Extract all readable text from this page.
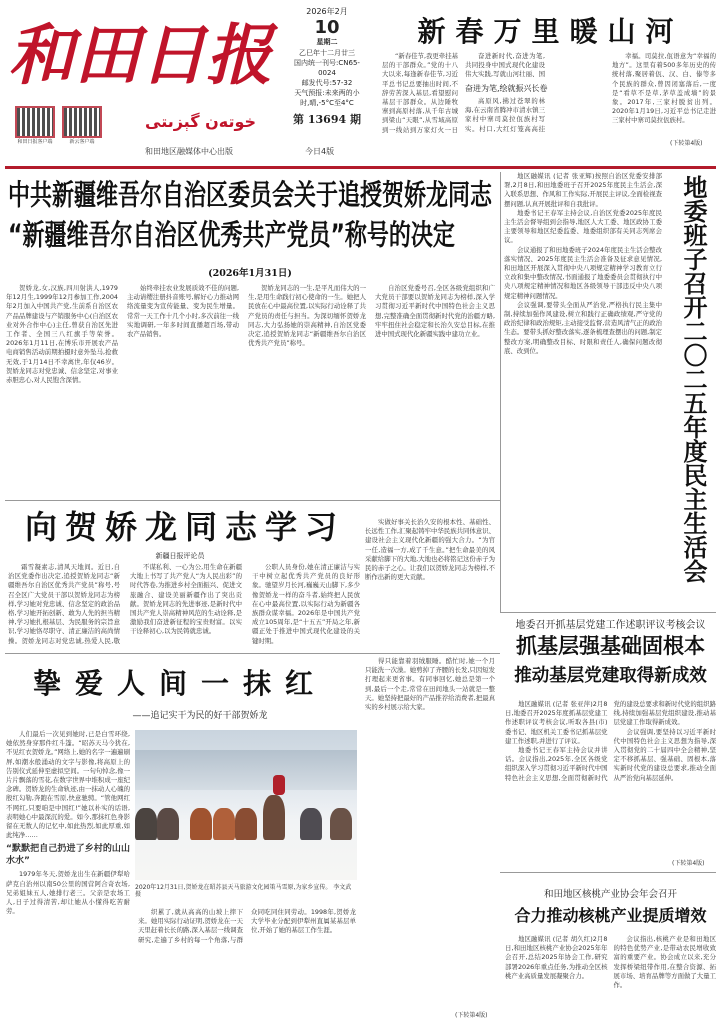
和田日报
和田日报客户端	新云客户端
خوتەن گېزىتى
2026年2月
10
星期二
乙巳年十二月廿三
国内统一刊号:CN65-0024
邮发代号:57-32
天气预报:未来两的小时,晴,-5°C至4°C
第 13694 期
和田地区融媒体中心出版	今日4版
新春万里暖山河
“新春佳节,我更牵挂基层的干部群众。”党的十八大以来,每逢新春佳节,习近平总书记总要抽出时间,不辞劳苦深入基层,看望慰问基层干部群众。从边陲牧寨到高原村落,从千年古城到梁山“天眼”,从雪域高原到一线站到万家灯火一日
奋进新时代,奋进为笔,共同投身中国式现代化建设伟大实践,写就山河壮丽、国
奋进为笔,绘就振兴长卷
高原风,拂过苍翠的林海,在云南省腾冲市清水镇三家村中寨司莫拉佤族村写实。村口,大红灯笼高高挂
幸福。司莫拉,佤语意为“幸福的地方”。这里有着500多年历史的传统村落,聚居着佤、汉、白、傣等多个民族的群众,曾因闭塞落后,一度是“看草不是草,茅草盖成墙”的景象。2017年,三家村脱贫出列。2020年1月19日,习近平总书记走进三家村中寨司莫拉佤族村。
(下转第4版)
中共新疆维吾尔自治区委员会关于追授贺娇龙同志
“新疆维吾尔自治区优秀共产党员”称号的决定
(2026年1月31日)
贺娇龙,女,汉族,四川射洪人,1979年12月生,1999年12月参加工作,2004年2月加入中国共产党,生前系自治区农产品品牌建设与产销服务中心(自治区农业对外合作中心)主任,曾获自治区先进工作者、全国三八红旗手等荣誉。2026年1月11日,在博乐市开展农产品电商销售活动前期拍摄时意外坠马,抢救无效,于1月14日不幸离世,年仅46岁。贺娇龙同志对党忠诚、信念坚定,对事业赤胆忠心,对人民饱含深情。
始终牵挂农业发展质效不佳的问题,主动请缨注册抖音账号,解好心力推动网络流量变为宣传能量、变为民生增量。常常一天工作十几个小时,多次前往一线实地调研,一年多时间直播超百场,带动农产品销售。
贺娇龙同志的一生,是平凡而伟大的一生,是用生命践行初心使命的一生。她把人民放在心中最高位置,以实际行动诠释了共产党员的责任与担当。为深切缅怀贺娇龙同志,大力弘扬她的崇高精神,自治区党委决定,追授贺娇龙同志“新疆维吾尔自治区优秀共产党员”称号。
自治区党委号召,全区各级党组织和广大党员干部要以贺娇龙同志为榜样,深入学习贯彻习近平新时代中国特色社会主义思想,完整准确全面贯彻新时代党的治疆方略,牢牢扭住社会稳定和长治久安总目标,在推进中国式现代化新疆实践中建功立业。

地区融媒讯 (记者 张亚辉)按照自治区党委安排部署,2月8日,和田地委班子召开2025年度民主生活会,深入联系思想、作风和工作实际,开展民主评议,全面检视查摆问题,认真开展批评和自我批评。

地委书记王春军主持会议,自治区党委2025年度民主生活会督导组到会指导,地区人大工委、地区政协工委主要领导和地区纪委监委、地委组织部有关同志列席会议。

会议通报了和田地委班子2024年度民主生活会整改落实情况、2025年度民主生活会准备及征求意见情况,和田地区开展深入贯彻中央八项规定精神学习教育立行立改和集中整改情况,书面通报了地委委员会贯彻执行中央八项规定精神情况和地区各级领导干部违反中央八项规定精神问题情况。

会议强调,要带头全面从严治党,严格执行民主集中制,持续加强作风建设,树立和践行正确政绩观,严守党的政治纪律和政治规矩,主动接受监督,营造风清气正的政治生态。要带头抓好整改落实,逐条梳理查摆出的问题,制定整改方案,明确整改目标、时限和责任人,确保问题改彻底、改到位。	地委班子召开二〇二五年度民主生活会
向贺娇龙同志学习
新疆日报评论员
霜雪凝素志,清风天地间。近日,自治区党委作出决定,追授贺娇龙同志“新疆维吾尔自治区优秀共产党员”称号,号召全区广大党员干部以贺娇龙同志为榜样,学习她对党忠诚、信念坚定的政治品格,学习她开拓创新、敢为人先的担当精神,学习她扎根基层、为民服务的宗旨意识,学习她恪尽职守、清正廉洁的高尚情操。贺娇龙同志对党忠诚,热爱人民,敬
不谋私利、一心为公,用生命在新疆大地上书写了共产党人“为人民出彩”的时代答卷,为推进乡村全面振兴、促进文旅融合、建设美丽新疆作出了突出贡献。贺娇龙同志的先进事迹,是新时代中国共产党人崇高精神风范的生动诠释,是激励我们奋进新征程的宝贵财富。以实干诠释初心,以为民铸就忠诚。
公职人员身份,她在清正廉洁与实干中树立起优秀共产党员的良好形象。驰望岁月长河,巍巍天山脚下,多少像贺娇龙一样的奋斗者,始终把人民放在心中最高位置,以实际行动为新疆各族群众谋幸福。2026年是中国共产党成立105周年,是“十五五”开局之年,新疆正处于推进中国式现代化建设的关键时期。
实做好事关长治久安的根本性、基础性、长远性工作,汇聚起铸牢中华民族共同体意识、建设社会主义现代化新疆的强大合力。“为官一任,造福一方,成了千生意。”把生命最美的风采献给脚下的大地,大地也必将铭记这份赤子为民的赤子之心。让我们以贺娇龙同志为榜样,不断作出新的更大贡献。
挚爱人间一抹红
——追记实干为民的好干部贺娇龙

人们最后一次见到她时,已是白雪环绕,她依然身穿那件红斗篷。“昭苏天马今犹在,不见红衣贺娇龙。”网络上,她的名字一遍遍刷屏,如潮水般涌动的文字与影像,将高原上的告别仪式延伸至虚拟空间。一句句悼念,像一片片飘落的雪花,在数字世界中堆积成一座纪念碑。贺娇龙的生命轨迹,由一抹动人心魄的殷红勾勒,奔跑在雪原,快意驰骋。“管他网红不网红,只要咱是中国红!”她以朴实的话语,表明她心中最深沉的爱。如今,那抹红色身影留在无数人的记忆中,如此热烈,如此厚重,如此纯净……

“默默把自己扔进了乡村的山山水水”

1979年冬天,贺娇龙出生在新疆伊犁哈萨克自治州以南50公里的国营阿合奇农场,兄弟姐妹五人,她排行老三。父亲是农场工人,日子过得清苦,却让她从小懂得吃苦耐劳。

2020年12月31日,贺娇龙在昭苏县天马旅游文化园策马雪原,为家乡宣传。 李文武 摄
织累了,就从高高的山坡上摔下来。她用实际行动证明,贺娇龙在一天天里赶着长长的路,深入基层一线调查研究,走遍了乡村的每一个角落,与群众同吃同住同劳动。1998年,贺娇龙大学毕业分配到伊犁州直属某基层单位,开始了她的基层工作生涯。
得只能靠着羽绒服睡。酷忙时,她一个月只能洗一次澡。她剪掉了齐腰的长发,只因短发打理起来更省事。有同事回忆,她总是第一个到,最后一个走,常常在田间地头一站就是一整天。她坚持把最好的产品推荐给消费者,把最真实的乡村展示给大家。
(下转第4版)
地委召开抓基层党建工作述职评议考核会议
抓基层强基础固根本
推动基层党建取得新成效

地区融媒讯 (记者 张亚萍)2月8日,地委召开2025年度抓基层党建工作述职评议考核会议,听取各县(市)委书记、地区机关工委书记抓基层党建工作述职,并进行了评议。

地委书记王春军主持会议并讲话。会议指出,2025年,全区各级党组织深入学习贯彻习近平新时代中国特色社会主义思想,全面贯彻新时代党的建设总要求和新时代党的组织路线,持续加强基层党组织建设,推动基层党建工作取得新成效。

会议强调,要坚持以习近平新时代中国特色社会主义思想为指导,深入贯彻党的二十届四中全会精神,坚定不移抓基层、强基础、固根本,落实新时代党的建设总要求,推动全面从严治党向基层延伸。

(下转第4版)
和田地区核桃产业协会年会召开
合力推动核桃产业提质增效

地区融媒讯 (记者 胡久红)2月8日,和田地区核桃产业协会2025年年会召开,总结2025年协会工作,研究部署2026年重点任务,为推动全区核桃产业高质量发展凝聚合力。

会议指出,核桃产业是和田地区的特色优势产业,是带动农民增收致富的重要产业。协会成立以来,充分发挥桥梁纽带作用,在整合资源、拓展市场、培育品牌等方面做了大量工作。
